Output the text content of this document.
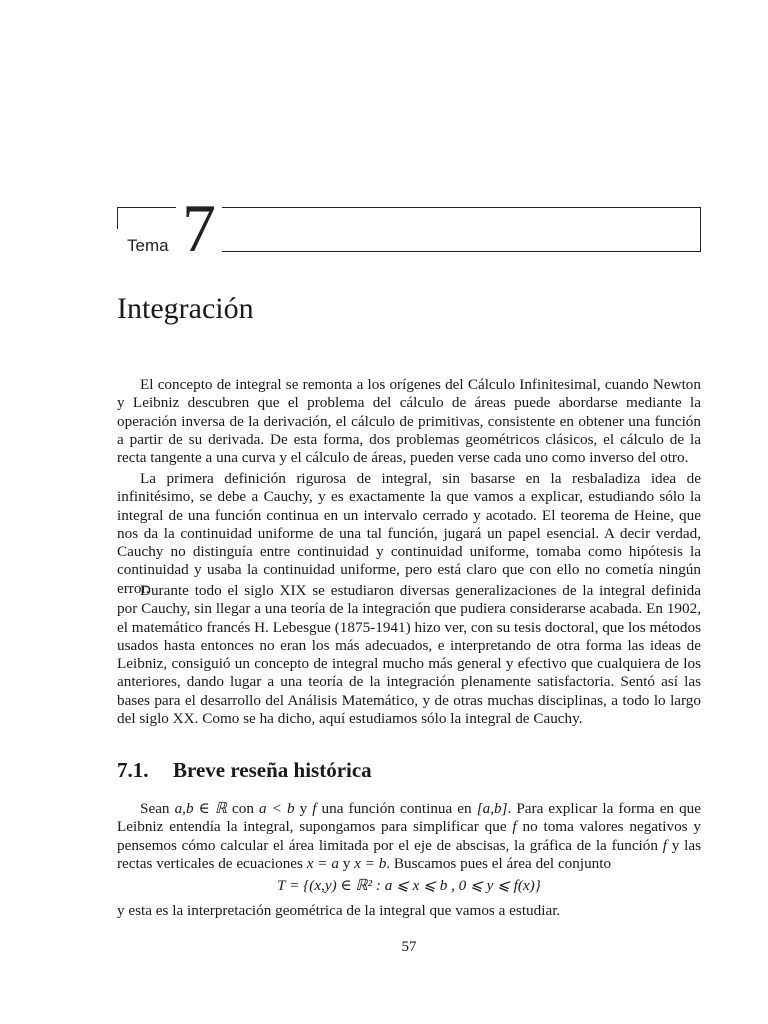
Tema 7
Integración

El concepto de integral se remonta a los orígenes del Cálculo Infinitesimal, cuando Newton y Leibniz descubren que el problema del cálculo de áreas puede abordarse mediante la operación inversa de la derivación, el cálculo de primitivas, consistente en obtener una función a partir de su derivada. De esta forma, dos problemas geométricos clásicos, el cálculo de la recta tangente a una curva y el cálculo de áreas, pueden verse cada uno como inverso del otro.

La primera definición rigurosa de integral, sin basarse en la resbaladiza idea de infinitésimo, se debe a Cauchy, y es exactamente la que vamos a explicar, estudiando sólo la integral de una función continua en un intervalo cerrado y acotado. El teorema de Heine, que nos da la continuidad uniforme de una tal función, jugará un papel esencial. A decir verdad, Cauchy no distinguía entre continuidad y continuidad uniforme, tomaba como hipótesis la continuidad y usaba la continuidad uniforme, pero está claro que con ello no cometía ningún error.

Durante todo el siglo XIX se estudiaron diversas generalizaciones de la integral definida por Cauchy, sin llegar a una teoría de la integración que pudiera considerarse acabada. En 1902, el matemático francés H. Lebesgue (1875-1941) hizo ver, con su tesis doctoral, que los métodos usados hasta entonces no eran los más adecuados, e interpretando de otra forma las ideas de Leibniz, consiguió un concepto de integral mucho más general y efectivo que cualquiera de los anteriores, dando lugar a una teoría de la integración plenamente satisfactoria. Sentó así las bases para el desarrollo del Análisis Matemático, y de otras muchas disciplinas, a todo lo largo del siglo XX. Como se ha dicho, aquí estudiamos sólo la integral de Cauchy.

7.1. Breve reseña histórica

Sean a,b ∈ ℝ con a < b y f una función continua en [a,b]. Para explicar la forma en que Leibniz entendía la integral, supongamos para simplificar que f no toma valores negativos y pensemos cómo calcular el área limitada por el eje de abscisas, la gráfica de la función f y las rectas verticales de ecuaciones x = a y x = b. Buscamos pues el área del conjunto

T = {(x,y) ∈ ℝ² : a ⩽ x ⩽ b , 0 ⩽ y ⩽ f(x)}

y esta es la interpretación geométrica de la integral que vamos a estudiar.

57
